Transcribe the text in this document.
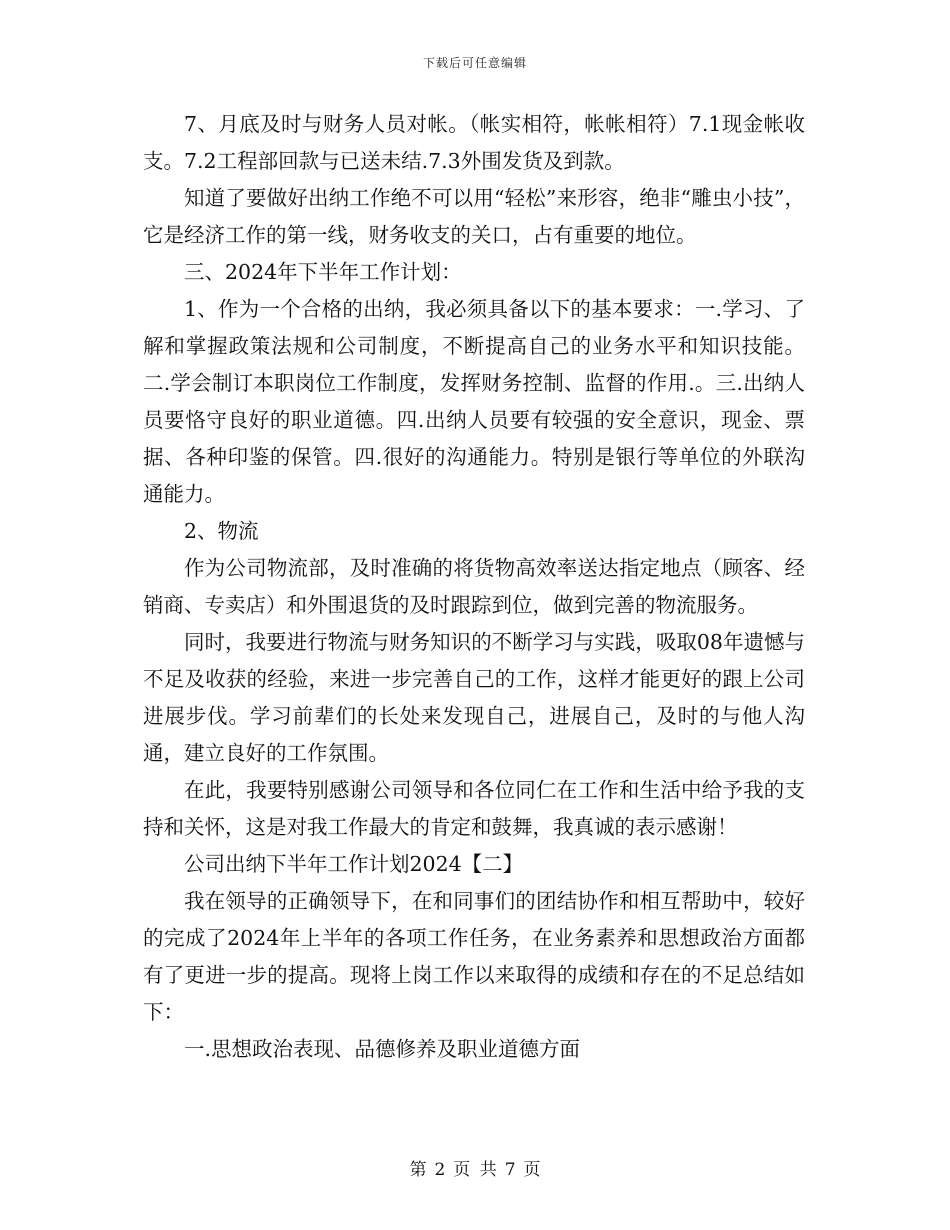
下载后可任意编辑

7、月底及时与财务人员对帐。（帐实相符，帐帐相符）7.1现金帐收支。7.2工程部回款与已送未结.7.3外围发货及到款。

知道了要做好出纳工作绝不可以用“轻松”来形容，绝非“雕虫小技”，它是经济工作的第一线，财务收支的关口，占有重要的地位。

三、2024年下半年工作计划：

1、作为一个合格的出纳，我必须具备以下的基本要求：一.学习、了解和掌握政策法规和公司制度，不断提高自己的业务水平和知识技能。二.学会制订本职岗位工作制度，发挥财务控制、监督的作用.。三.出纳人员要恪守良好的职业道德。四.出纳人员要有较强的安全意识，现金、票据、各种印鉴的保管。四.很好的沟通能力。特别是银行等单位的外联沟通能力。

2、物流

作为公司物流部，及时准确的将货物高效率送达指定地点（顾客、经销商、专卖店）和外围退货的及时跟踪到位，做到完善的物流服务。

同时，我要进行物流与财务知识的不断学习与实践，吸取08年遗憾与不足及收获的经验，来进一步完善自己的工作，这样才能更好的跟上公司进展步伐。学习前辈们的长处来发现自己，进展自己，及时的与他人沟通，建立良好的工作氛围。

在此，我要特别感谢公司领导和各位同仁在工作和生活中给予我的支持和关怀，这是对我工作最大的肯定和鼓舞，我真诚的表示感谢！

公司出纳下半年工作计划2024【二】

我在领导的正确领导下，在和同事们的团结协作和相互帮助中，较好的完成了2024年上半年的各项工作任务，在业务素养和思想政治方面都有了更进一步的提高。现将上岗工作以来取得的成绩和存在的不足总结如下：

一.思想政治表现、品德修养及职业道德方面

第 2 页 共 7 页
